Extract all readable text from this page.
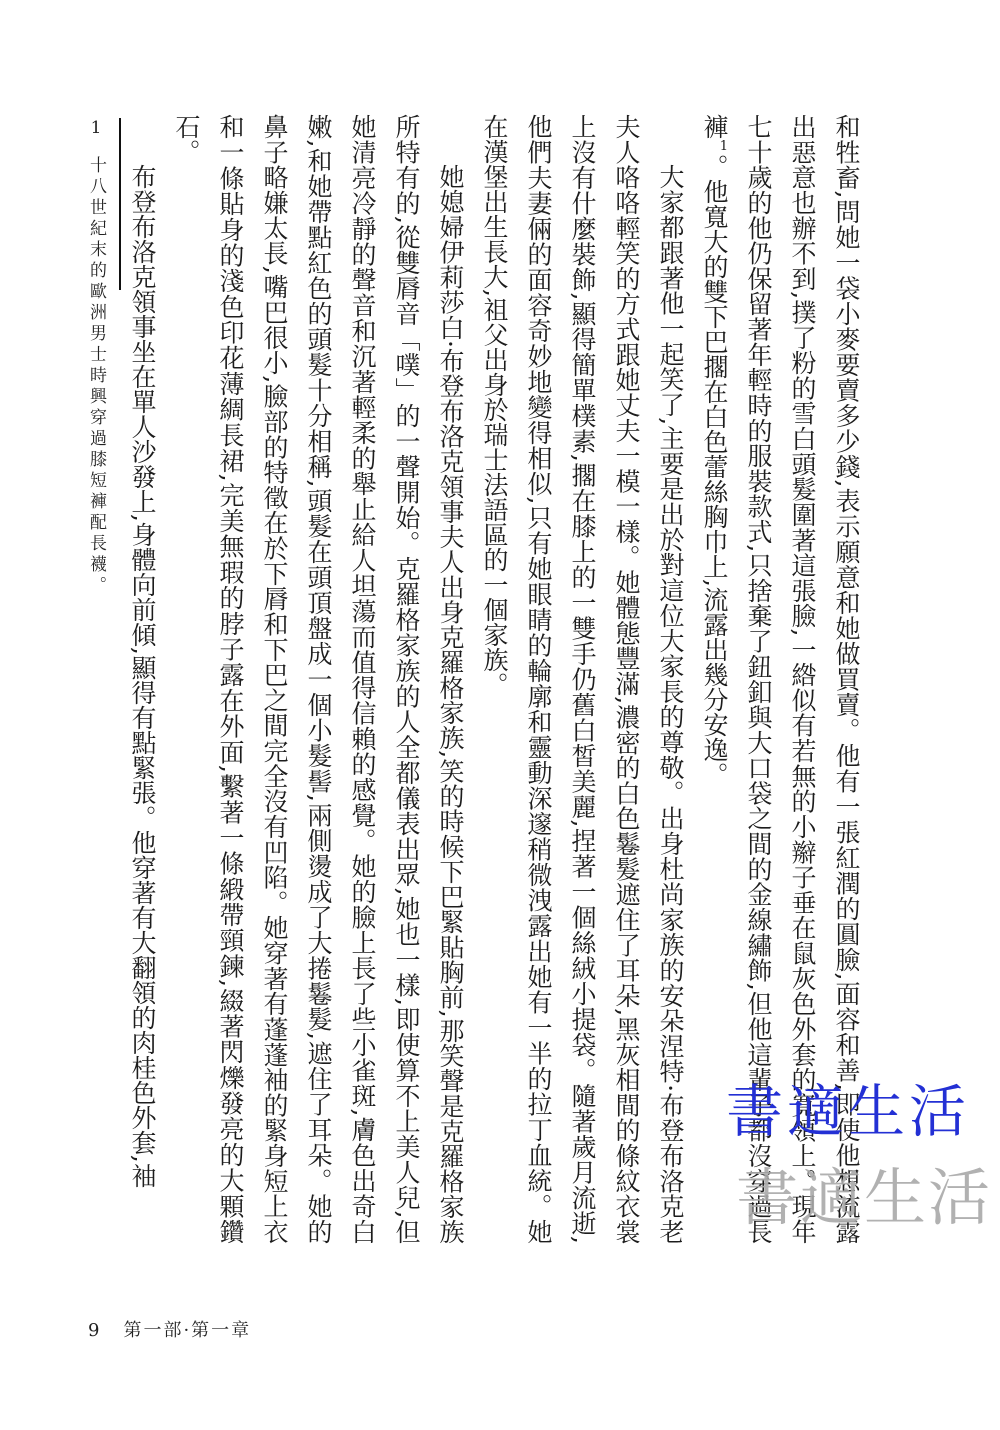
和牲畜,問她一袋小麥要賣多少錢,表示願意和她做買賣。他有一張紅潤的圓臉,面容和善,即使他想流露出惡意也辦不到,撲了粉的雪白頭髮圍著這張臉,一綹似有若無的小辮子垂在鼠灰色外套的寬領上。現年七十歲的他仍保留著年輕時的服裝款式,只捨棄了鈕釦與大口袋之間的金線繡飾,但他這輩子都沒穿過長褲$^1$。他寬大的雙下巴擱在白色蕾絲胸巾上,流露出幾分安逸。

大家都跟著他一起笑了,主要是出於對這位大家長的尊敬。出身杜尚家族的安朵涅特·布登布洛克老夫人咯咯輕笑的方式跟她丈夫一模一樣。她體態豐滿,濃密的白色鬈髮遮住了耳朵,黑灰相間的條紋衣裳上沒有什麼裝飾,顯得簡單樸素,擱在膝上的一雙手仍舊白皙美麗,捏著一個絲絨小提袋。隨著歲月流逝,他們夫妻倆的面容奇妙地變得相似,只有她眼睛的輪廓和靈動深邃稍微洩露出她有一半的拉丁血統。她在漢堡出生長大,祖父出身於瑞士法語區的一個家族。

她媳婦伊莉莎白·布登布洛克領事夫人出身克羅格家族,笑的時候下巴緊貼胸前,那笑聲是克羅格家族所特有的,從雙脣音「噗」的一聲開始。克羅格家族的人全都儀表出眾,她也一樣,即使算不上美人兒,但她清亮冷靜的聲音和沉著輕柔的舉止給人坦蕩而值得信賴的感覺。她的臉上長了些小雀斑,膚色出奇白嫩,和她帶點紅色的頭髮十分相稱,頭髮在頭頂盤成一個小髮髻,兩側燙成了大捲鬈髮,遮住了耳朵。她的鼻子略嫌太長,嘴巴很小,臉部的特徵在於下脣和下巴之間完全沒有凹陷。她穿著有蓬蓬袖的緊身短上衣和一條貼身的淺色印花薄綢長裙,完美無瑕的脖子露在外面,繫著一條緞帶頸鍊,綴著閃爍發亮的大顆鑽石。

布登布洛克領事坐在單人沙發上,身體向前傾,顯得有點緊張。他穿著有大翻領的肉桂色外套,袖

1十八世紀末的歐洲男士時興穿過膝短褲配長襪。
9 第一部·第一章
書適生活
書適生活
